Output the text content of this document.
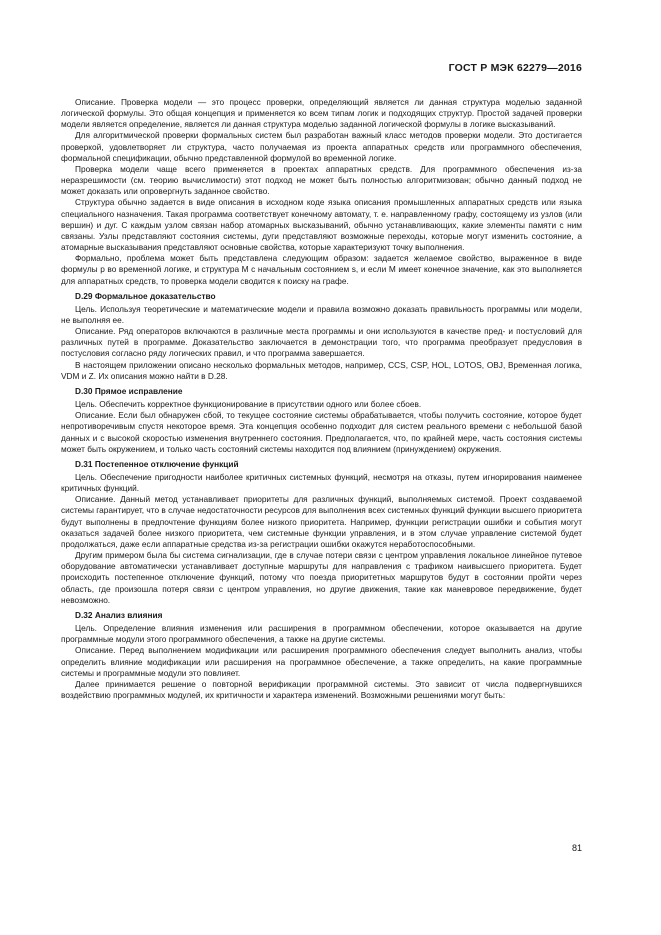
ГОСТ Р МЭК 62279—2016

Описание. Проверка модели — это процесс проверки, определяющий является ли данная структура моделью заданной логической формулы. Это общая концепция и применяется ко всем типам логик и подходящих структур. Простой задачей проверки модели является определение, является ли данная структура моделью заданной логической формулы в логике высказываний.

Для алгоритмической проверки формальных систем был разработан важный класс методов проверки модели. Это достигается проверкой, удовлетворяет ли структура, часто получаемая из проекта аппаратных средств или программного обеспечения, формальной спецификации, обычно представленной формулой во временной логике.

Проверка модели чаще всего применяется в проектах аппаратных средств. Для программного обеспечения из-за неразрешимости (см. теорию вычислимости) этот подход не может быть полностью алгоритмизован; обычно данный подход не может доказать или опровергнуть заданное свойство.

Структура обычно задается в виде описания в исходном коде языка описания промышленных аппаратных средств или языка специального назначения. Такая программа соответствует конечному автомату, т. е. направленному графу, состоящему из узлов (или вершин) и дуг. С каждым узлом связан набор атомарных высказываний, обычно устанавливающих, какие элементы памяти с ним связаны. Узлы представляют состояния системы, дуги представляют возможные переходы, которые могут изменить состояние, а атомарные высказывания представляют основные свойства, которые характеризуют точку выполнения.

Формально, проблема может быть представлена следующим образом: задается желаемое свойство, выраженное в виде формулы p во временной логике, и структура M с начальным состоянием s, и если M имеет конечное значение, как это выполняется для аппаратных средств, то проверка модели сводится к поиску на графе.

D.29 Формальное доказательство

Цель. Используя теоретические и математические модели и правила возможно доказать правильность программы или модели, не выполняя ее.

Описание. Ряд операторов включаются в различные места программы и они используются в качестве пред- и постусловий для различных путей в программе. Доказательство заключается в демонстрации того, что программа преобразует предусловия в постусловия согласно ряду логических правил, и что программа завершается.

В настоящем приложении описано несколько формальных методов, например, CCS, CSP, HOL, LOTOS, OBJ, Временная логика, VDM и Z. Их описания можно найти в D.28.

D.30 Прямое исправление

Цель. Обеспечить корректное функционирование в присутствии одного или более сбоев.

Описание. Если был обнаружен сбой, то текущее состояние системы обрабатывается, чтобы получить состояние, которое будет непротиворечивым спустя некоторое время. Эта концепция особенно подходит для систем реального времени с небольшой базой данных и с высокой скоростью изменения внутреннего состояния. Предполагается, что, по крайней мере, часть состояния системы может быть окружением, и только часть состояний системы находится под влиянием (принуждением) окружения.

D.31 Постепенное отключение функций

Цель. Обеспечение пригодности наиболее критичных системных функций, несмотря на отказы, путем игнорирования наименее критичных функций.

Описание. Данный метод устанавливает приоритеты для различных функций, выполняемых системой. Проект создаваемой системы гарантирует, что в случае недостаточности ресурсов для выполнения всех системных функций функции высшего приоритета будут выполнены в предпочтение функциям более низкого приоритета. Например, функции регистрации ошибки и события могут оказаться задачей более низкого приоритета, чем системные функции управления, и в этом случае управление системой будет продолжаться, даже если аппаратные средства из-за регистрации ошибки окажутся неработоспособными.

Другим примером была бы система сигнализации, где в случае потери связи с центром управления локальное линейное путевое оборудование автоматически устанавливает доступные маршруты для направления с трафиком наивысшего приоритета. Будет происходить постепенное отключение функций, потому что поезда приоритетных маршрутов будут в состоянии пройти через область, где произошла потеря связи с центром управления, но другие движения, такие как маневровое передвижение, будет невозможно.

D.32 Анализ влияния

Цель. Определение влияния изменения или расширения в программном обеспечении, которое оказывается на другие программные модули этого программного обеспечения, а также на другие системы.

Описание. Перед выполнением модификации или расширения программного обеспечения следует выполнить анализ, чтобы определить влияние модификации или расширения на программное обеспечение, а также определить, на какие программные системы и программные модули это повлияет.

Далее принимается решение о повторной верификации программной системы. Это зависит от числа подвергнувшихся воздействию программных модулей, их критичности и характера изменений. Возможными решениями могут быть:

81
